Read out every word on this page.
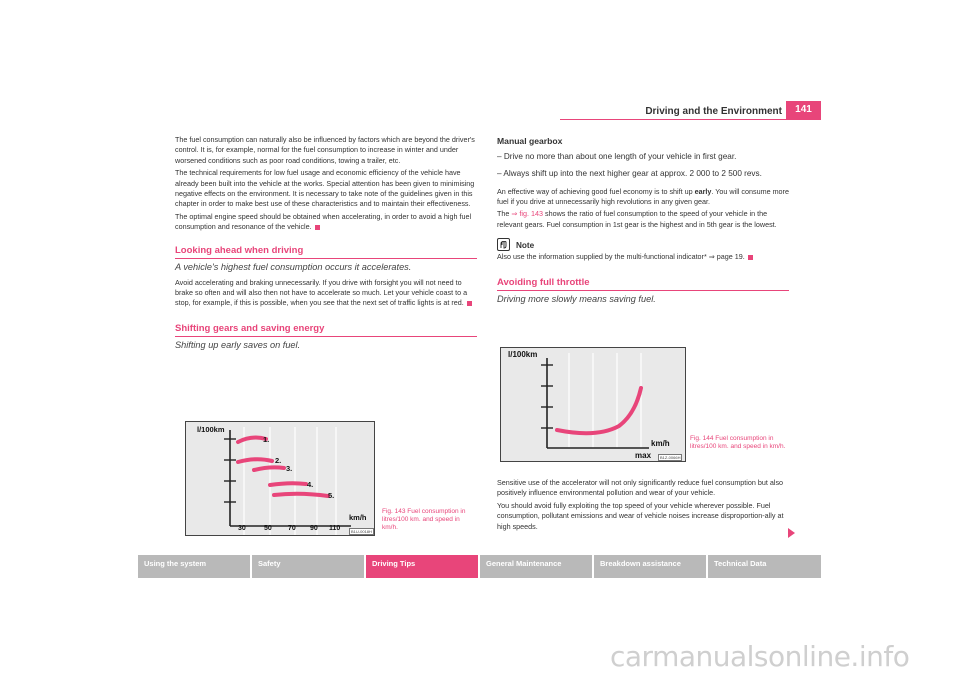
Driving and the Environment	141

The fuel consumption can naturally also be influenced by factors which are beyond the driver's control. It is, for example, normal for the fuel consumption to increase in winter and under worsened conditions such as poor road conditions, towing a trailer, etc.

The technical requirements for low fuel usage and economic efficiency of the vehicle have already been built into the vehicle at the works. Special attention has been given to minimising negative effects on the environment. It is necessary to take note of the guidelines given in this chapter in order to make best use of these characteristics and to maintain their effectiveness.

The optimal engine speed should be obtained when accelerating, in order to avoid a high fuel consumption and resonance of the vehicle.

Looking ahead when driving
A vehicle's highest fuel consumption occurs it accelerates.

Avoid accelerating and braking unnecessarily. If you drive with forsight you will not need to brake so often and will also then not have to accelerate so much. Let your vehicle coast to a stop, for example, if this is possible, when you see that the next set of traffic lights is at red.

Shifting gears and saving energy
Shifting up early saves on fuel.
l/100km
1.
2.
3.
4.
5.
km/h
30	50 70 90 110	B1U-0018H
Fig. 143 Fuel consumption in litres/100 km. and speed in km/h.
Manual gearbox
– Drive no more than about one length of your vehicle in first gear.
– Always shift up into the next higher gear at approx. 2 000 to 2 500 revs.

An effective way of achieving good fuel economy is to shift up early. You will consume more fuel if you drive at unnecessarily high revolutions in any given gear.

The ⇒ fig. 143 shows the ratio of fuel consumption to the speed of your vehicle in the relevant gears. Fuel consumption in 1st gear is the highest and in 5th gear is the lowest.

Note

Also use the information supplied by the multi-functional indicator* ⇒ page 19.

Avoiding full throttle
Driving more slowly means saving fuel.
l/100km
km/h
max	B1Z-0066H
Fig. 144 Fuel consumption in litres/100 km. and speed in km/h.

Sensitive use of the accelerator will not only significantly reduce fuel consumption but also positively influence environmental pollution and wear of your vehicle.

You should avoid fully exploiting the top speed of your vehicle wherever possible. Fuel consumption, pollutant emissions and wear of vehicle noises increase disproportion-ally at high speeds.

Using the system	Safety	Driving Tips	General Maintenance	Breakdown assistance	Technical Data
carmanualsonline.info
